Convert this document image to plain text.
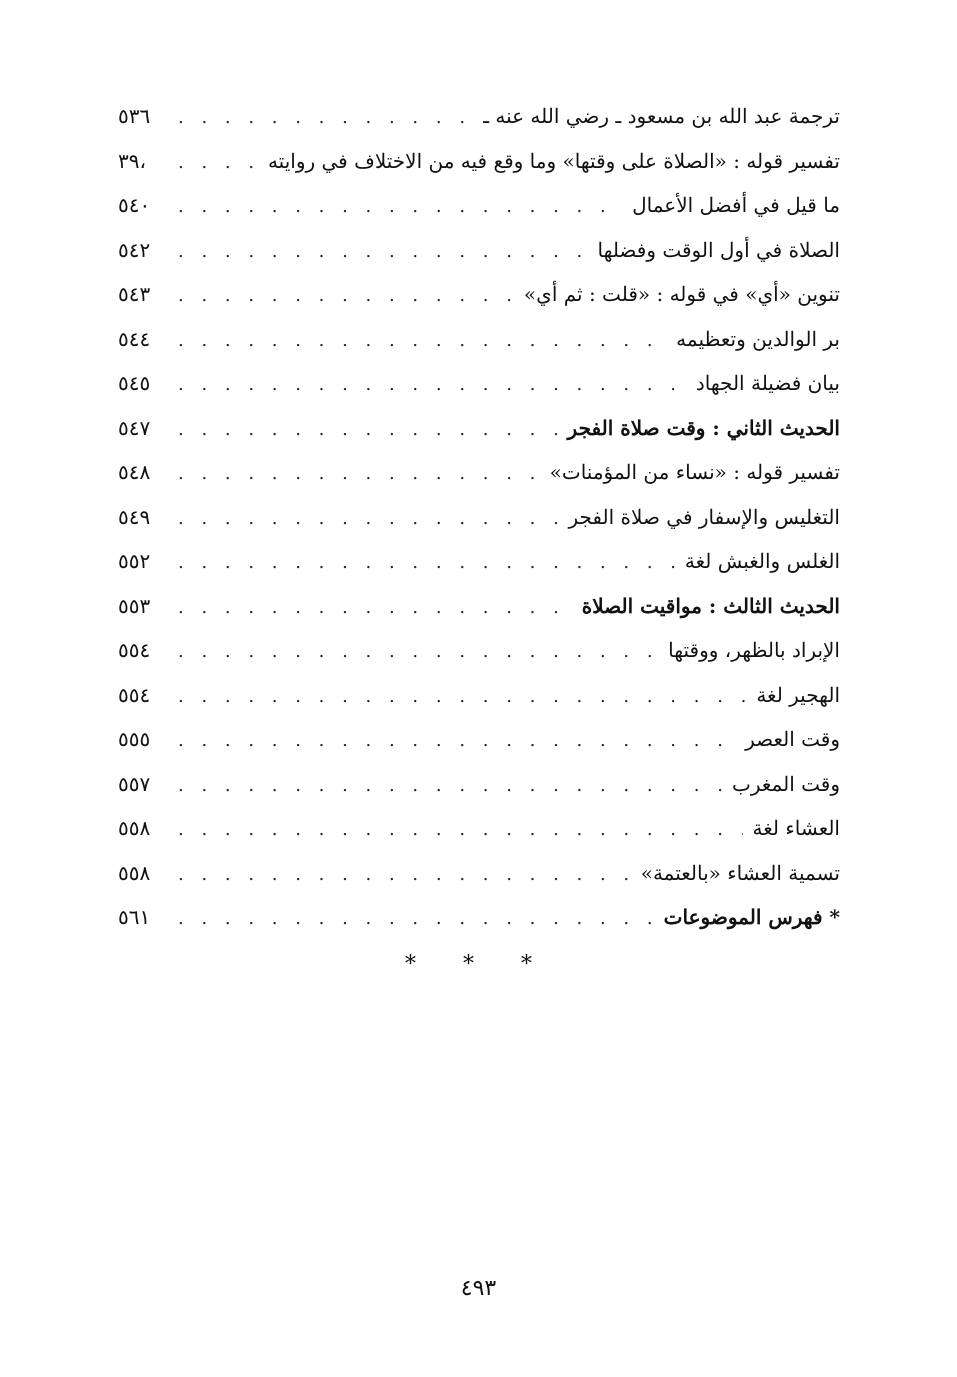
٥٣٦ . . .	ترجمة عبد الله بن مسعود ـ رضي الله عنه ـ
٣٩، . . .	تفسير قوله : «الصلاة على وقتها» وما وقع فيه من الاختلاف في روايته
٥٤٠ . . .	ما قيل في أفضل الأعمال
٥٤٢ . . .	الصلاة في أول الوقت وفضلها
٥٤٣ . . .	تنوين «أي» في قوله : «قلت : ثم أي»
٥٤٤ . . .	بر الوالدين وتعظيمه
٥٤٥ . . .	بيان فضيلة الجهاد
٥٤٧ . . .	الحديث الثاني : وقت صلاة الفجر
٥٤٨ . . .	تفسير قوله : «نساء من المؤمنات»
٥٤٩ . . .	التغليس والإسفار في صلاة الفجر
٥٥٢ . . .	الغلس والغبش لغة
٥٥٣ . . .	الحديث الثالث : مواقيت الصلاة
٥٥٤ . . .	الإبراد بالظهر، ووقتها
٥٥٤ . . .	الهجير لغة
٥٥٥ . . .	وقت العصر
٥٥٧ . . .	وقت المغرب
٥٥٨ . . .	العشاء لغة
٥٥٨ . . .	تسمية العشاء «بالعتمة»
٥٦١ . . .	* فهرس الموضوعات
* * *
٤٩٣
